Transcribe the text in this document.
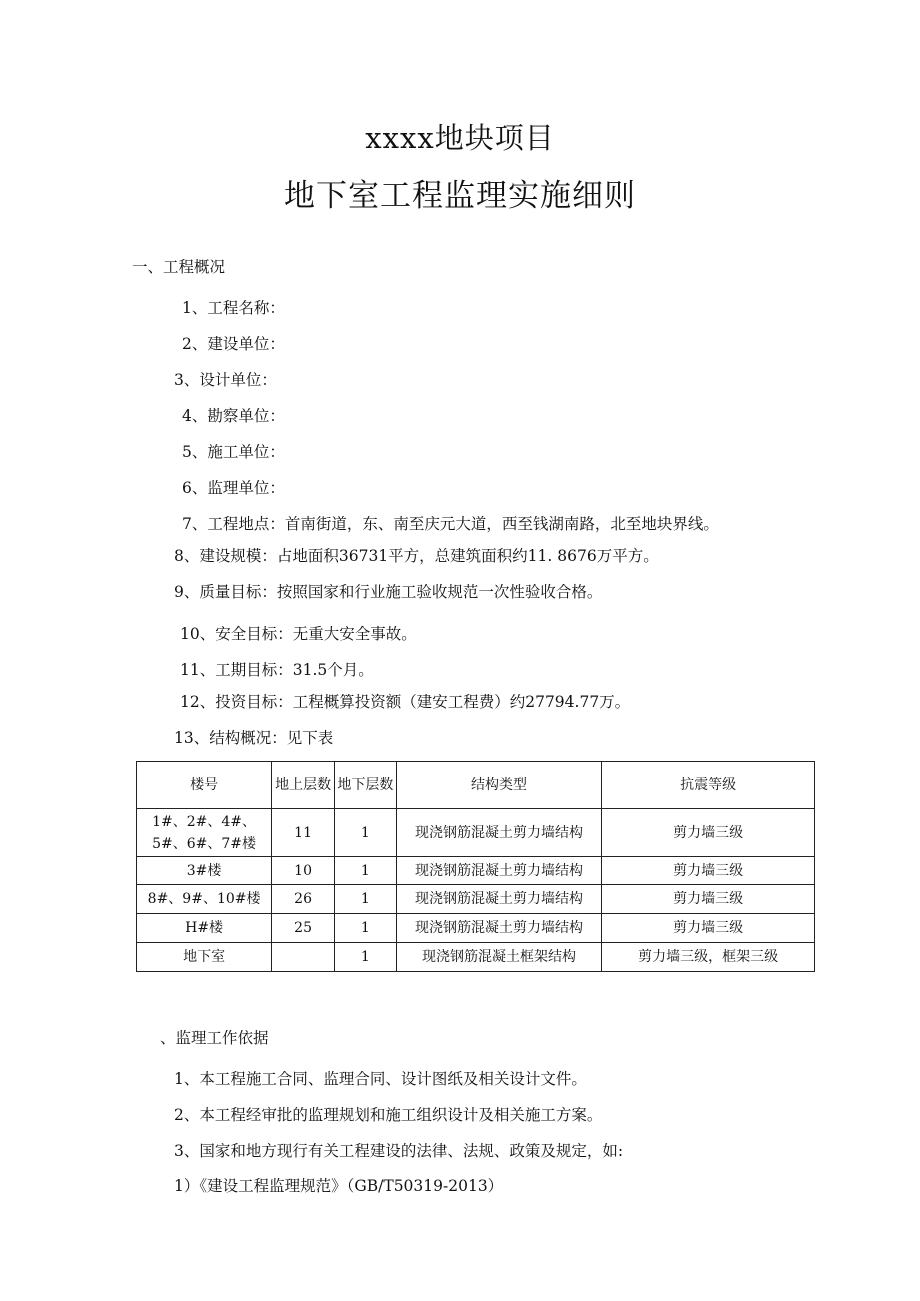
xxxx地块项目
地下室工程监理实施细则
一、工程概况
1、工程名称：
2、建设单位：
3、设计单位：
4、勘察单位：
5、施工单位：
6、监理单位：
7、工程地点：首南街道，东、南至庆元大道，西至钱湖南路，北至地块界线。
8、建设规模：占地面积36731平方，总建筑面积约11. 8676万平方。
9、质量目标：按照国家和行业施工验收规范一次性验收合格。
10、安全目标：无重大安全事故。
11、工期目标：31.5个月。
12、投资目标：工程概算投资额（建安工程费）约27794.77万。
13、结构概况：见下表
楼号	地上层数	地下层数	结构类型	抗震等级
1#、2#、4#、5#、6#、7#楼	11	1	现浇钢筋混凝土剪力墙结构	剪力墙三级
3#楼	10	1	现浇钢筋混凝土剪力墙结构	剪力墙三级
8#、9#、10#楼	26	1	现浇钢筋混凝土剪力墙结构	剪力墙三级
H#楼	25	1	现浇钢筋混凝土剪力墙结构	剪力墙三级
地下室		1	现浇钢筋混凝土框架结构	剪力墙三级，框架三级
、监理工作依据
1、本工程施工合同、监理合同、设计图纸及相关设计文件。
2、本工程经审批的监理规划和施工组织设计及相关施工方案。
3、国家和地方现行有关工程建设的法律、法规、政策及规定，如:
1）《建设工程监理规范》（GB/T50319-2013）
